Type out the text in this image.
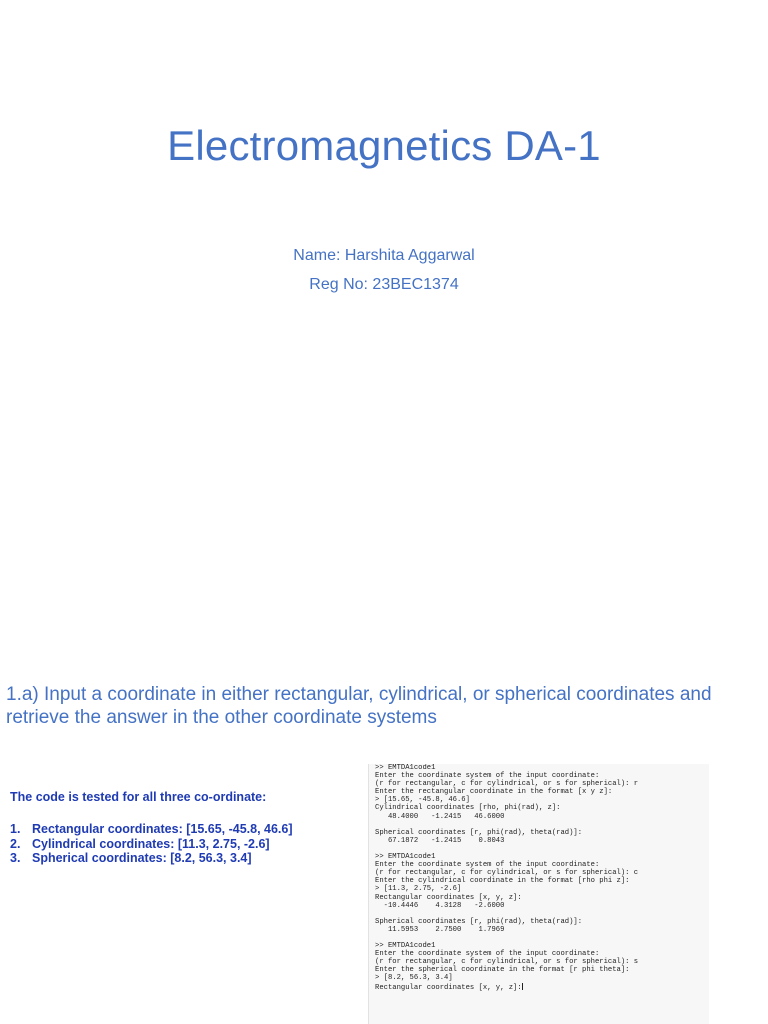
Electromagnetics DA-1

Name: Harshita Aggarwal

Reg No: 23BEC1374

1.a) Input a coordinate in either rectangular, cylindrical, or spherical coordinates and retrieve the answer in the other coordinate systems

The code is tested for all three co-ordinate:

1. Rectangular coordinates: [15.65, -45.8, 46.6]
2. Cylindrical coordinates: [11.3, 2.75, -2.6]
3. Spherical coordinates: [8.2, 56.3, 3.4]
>> EMTDA1code1
Enter the coordinate system of the input coordinate:
(r for rectangular, c for cylindrical, or s for spherical): r
Enter the rectangular coordinate in the format [x y z]:
> [15.65, -45.8, 46.6]
Cylindrical coordinates [rho, phi(rad), z]:
48.4000   -1.2415   46.6000
Spherical coordinates [r, phi(rad), theta(rad)]:
67.1872   -1.2415    0.8043
>> EMTDA1code1
Enter the coordinate system of the input coordinate:
(r for rectangular, c for cylindrical, or s for spherical): c
Enter the cylindrical coordinate in the format [rho phi z]:
> [11.3, 2.75, -2.6]
Rectangular coordinates [x, y, z]:
-10.4446    4.3128   -2.6000
Spherical coordinates [r, phi(rad), theta(rad)]:
11.5953    2.7500    1.7969
>> EMTDA1code1
Enter the coordinate system of the input coordinate:
(r for rectangular, c for cylindrical, or s for spherical): s
Enter the spherical coordinate in the format [r phi theta]:
> [8.2, 56.3, 3.4]
Rectangular coordinates [x, y, z]:
